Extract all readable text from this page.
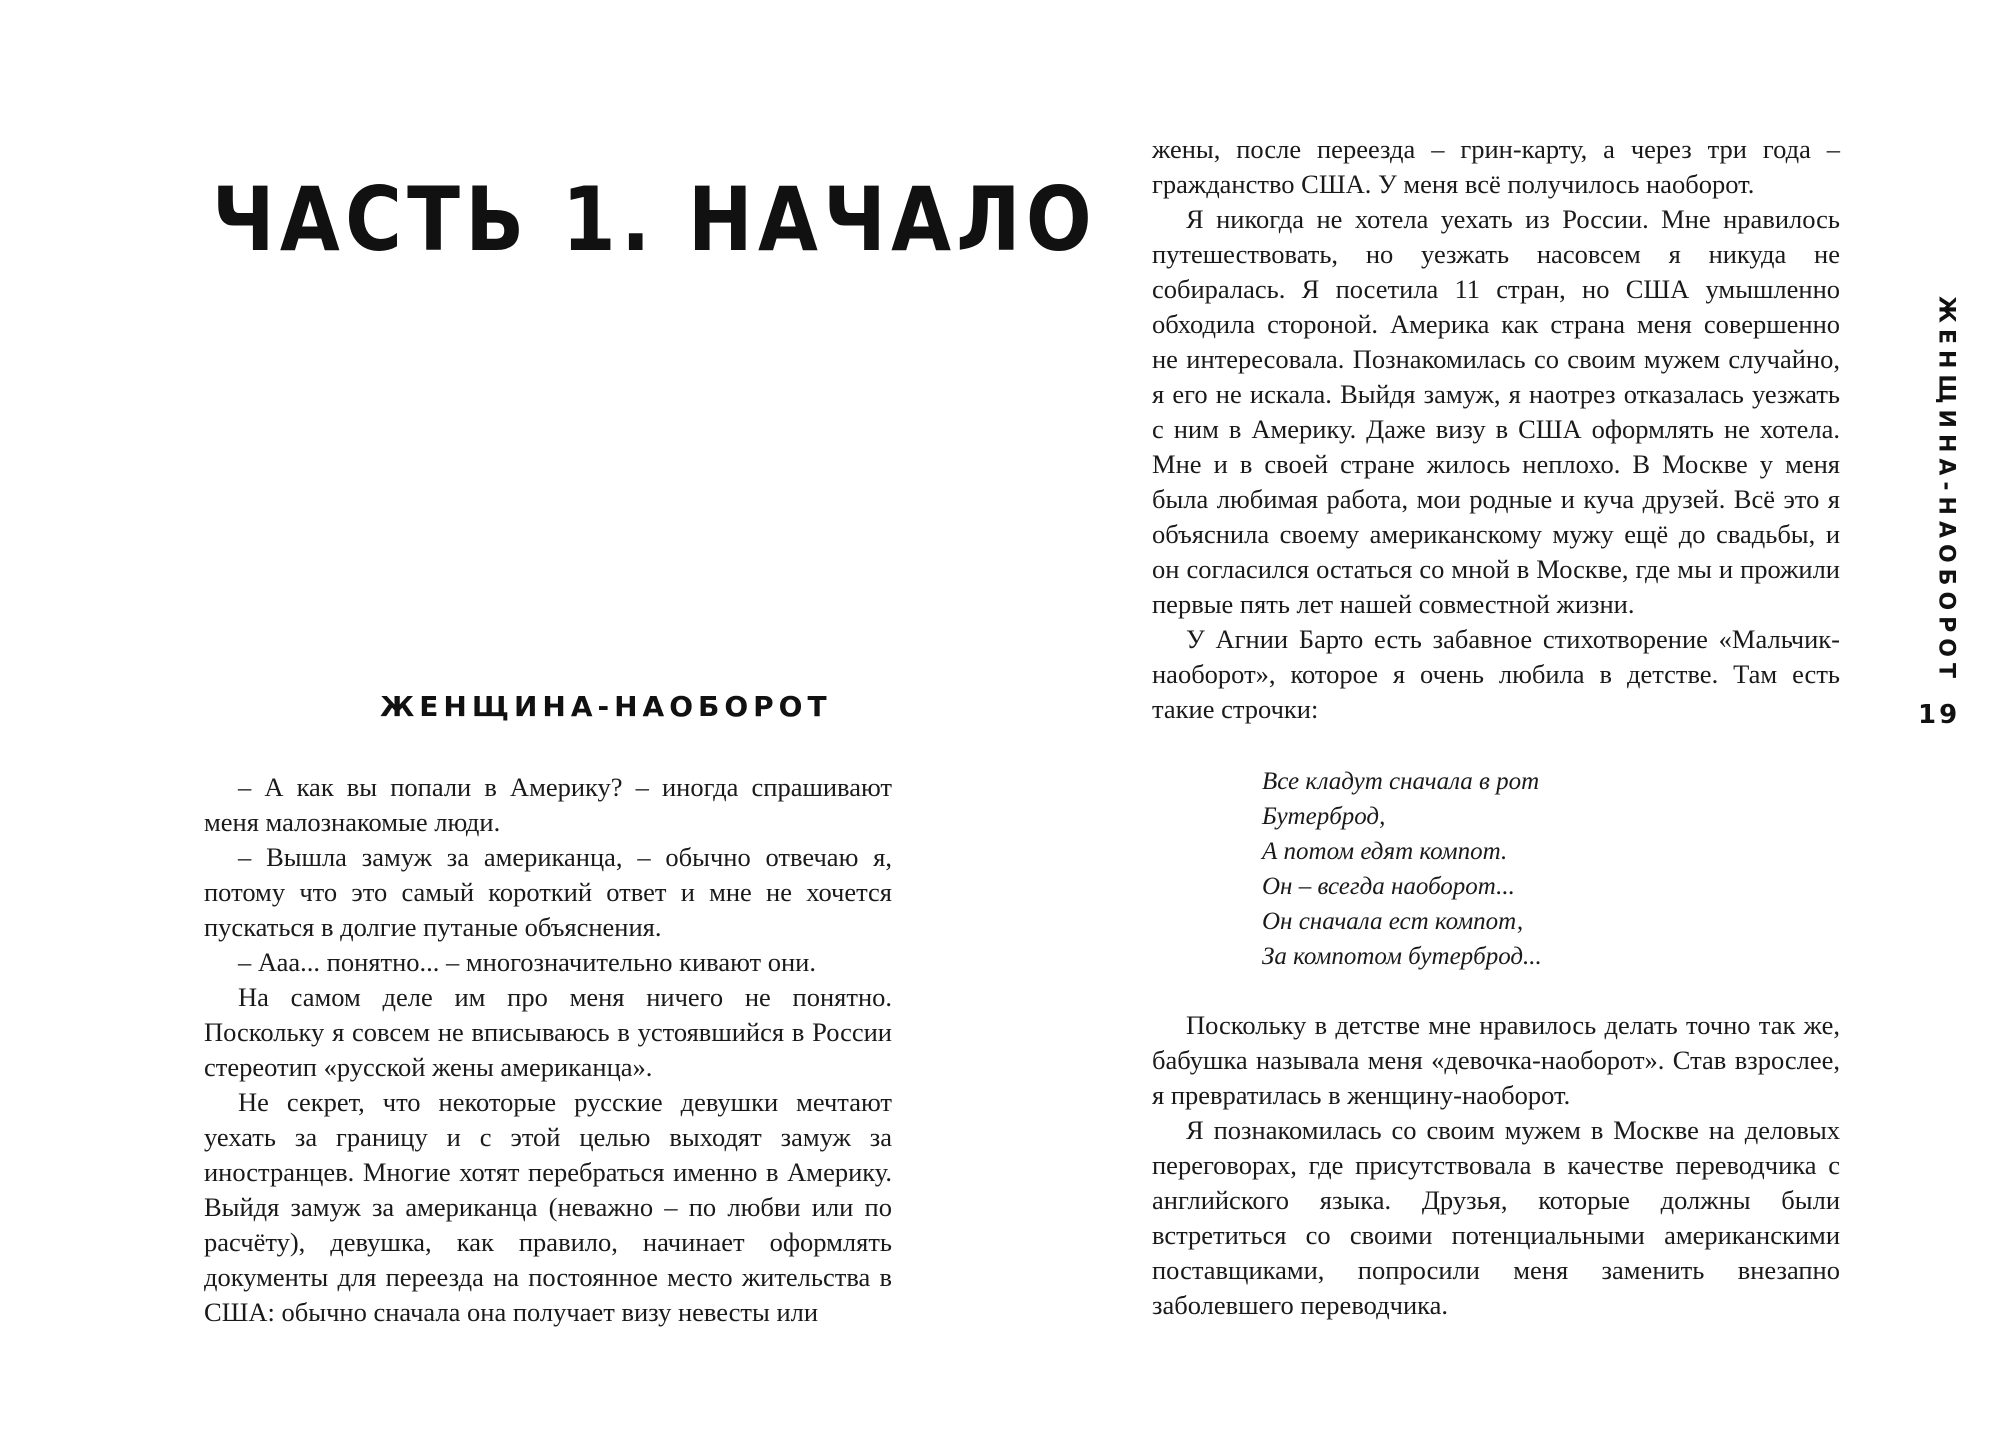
ЧАСТЬ 1. НАЧАЛО
ЖЕНЩИНА-НАОБОРОТ

– А как вы попали в Америку? – иногда спрашивают меня малознакомые люди.

– Вышла замуж за американца, – обычно отвечаю я, потому что это самый короткий ответ и мне не хочется пускаться в долгие путаные объяснения.

– Ааа... понятно... – многозначительно кивают они.

На самом деле им про меня ничего не понятно. Поскольку я совсем не вписываюсь в устоявшийся в России стереотип «русской жены американца».

Не секрет, что некоторые русские девушки мечтают уехать за границу и с этой целью выходят замуж за иностранцев. Многие хотят перебраться именно в Америку. Выйдя замуж за американца (неважно – по любви или по расчёту), девушка, как правило, начинает оформлять документы для переезда на постоянное место жительства в США: обычно сначала она получает визу невесты или

жены, после переезда – грин-карту, а через три года – гражданство США. У меня всё получилось наоборот.

Я никогда не хотела уехать из России. Мне нравилось путешествовать, но уезжать насовсем я никуда не собиралась. Я посетила 11 стран, но США умышленно обходила стороной. Америка как страна меня совершенно не интересовала. Познакомилась со своим мужем случайно, я его не искала. Выйдя замуж, я наотрез отказалась уезжать с ним в Америку. Даже визу в США оформлять не хотела. Мне и в своей стране жилось неплохо. В Москве у меня была любимая работа, мои родные и куча друзей. Всё это я объяснила своему американскому мужу ещё до свадьбы, и он согласился остаться со мной в Москве, где мы и прожили первые пять лет нашей совместной жизни.

У Агнии Барто есть забавное стихотворение «Мальчик-наоборот», которое я очень любила в детстве. Там есть такие строчки:

Все кладут сначала в рот
Бутерброд,
А потом едят компот.
Он – всегда наоборот...
Он сначала ест компот,
За компотом бутерброд...

Поскольку в детстве мне нравилось делать точно так же, бабушка называла меня «девочка-наоборот». Став взрослее, я превратилась в женщину-наоборот.

Я познакомилась со своим мужем в Москве на деловых переговорах, где присутствовала в качестве переводчика с английского языка. Друзья, которые должны были встретиться со своими потенциальными американскими поставщиками, попросили меня заменить внезапно заболевшего переводчика.

ЖЕНЩИНА-НАОБОРОТ
19
